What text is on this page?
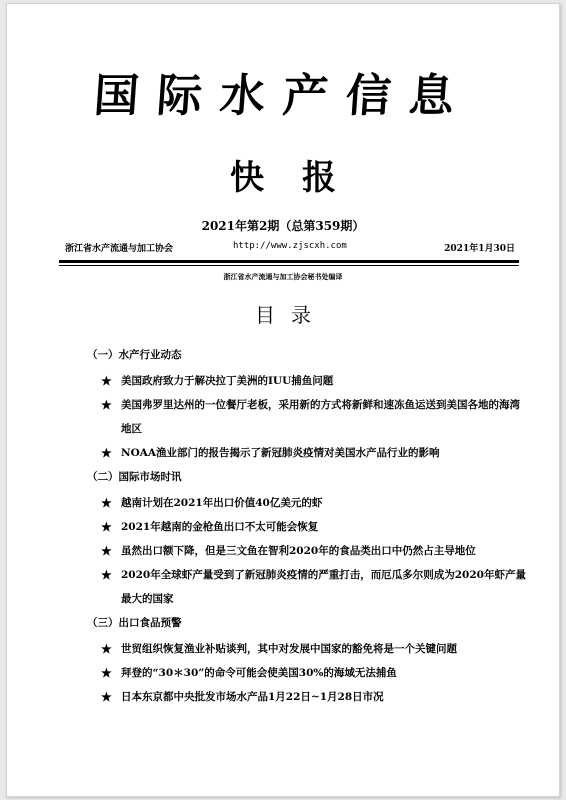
国际水产信息
快报
2021年第2期（总第359期）
浙江省水产流通与加工协会	http://www.zjscxh.com	2021年1月30日
浙江省水产流通与加工协会秘书处编译
目录
（一）水产行业动态
★ 美国政府致力于解决拉丁美洲的IUU捕鱼问题
★ 美国弗罗里达州的一位餐厅老板，采用新的方式将新鲜和速冻鱼运送到美国各地的海湾地区
★ NOAA渔业部门的报告揭示了新冠肺炎疫情对美国水产品行业的影响
（二）国际市场时讯
★ 越南计划在2021年出口价值40亿美元的虾
★ 2021年越南的金枪鱼出口不太可能会恢复
★ 虽然出口额下降，但是三文鱼在智利2020年的食品类出口中仍然占主导地位
★ 2020年全球虾产量受到了新冠肺炎疫情的严重打击，而厄瓜多尔则成为2020年虾产量最大的国家
（三）出口食品预警
★ 世贸组织恢复渔业补贴谈判，其中对发展中国家的豁免将是一个关键问题
★ 拜登的“30＊30”的命令可能会使美国30%的海域无法捕鱼
★ 日本东京都中央批发市场水产品1月22日~1月28日市况
